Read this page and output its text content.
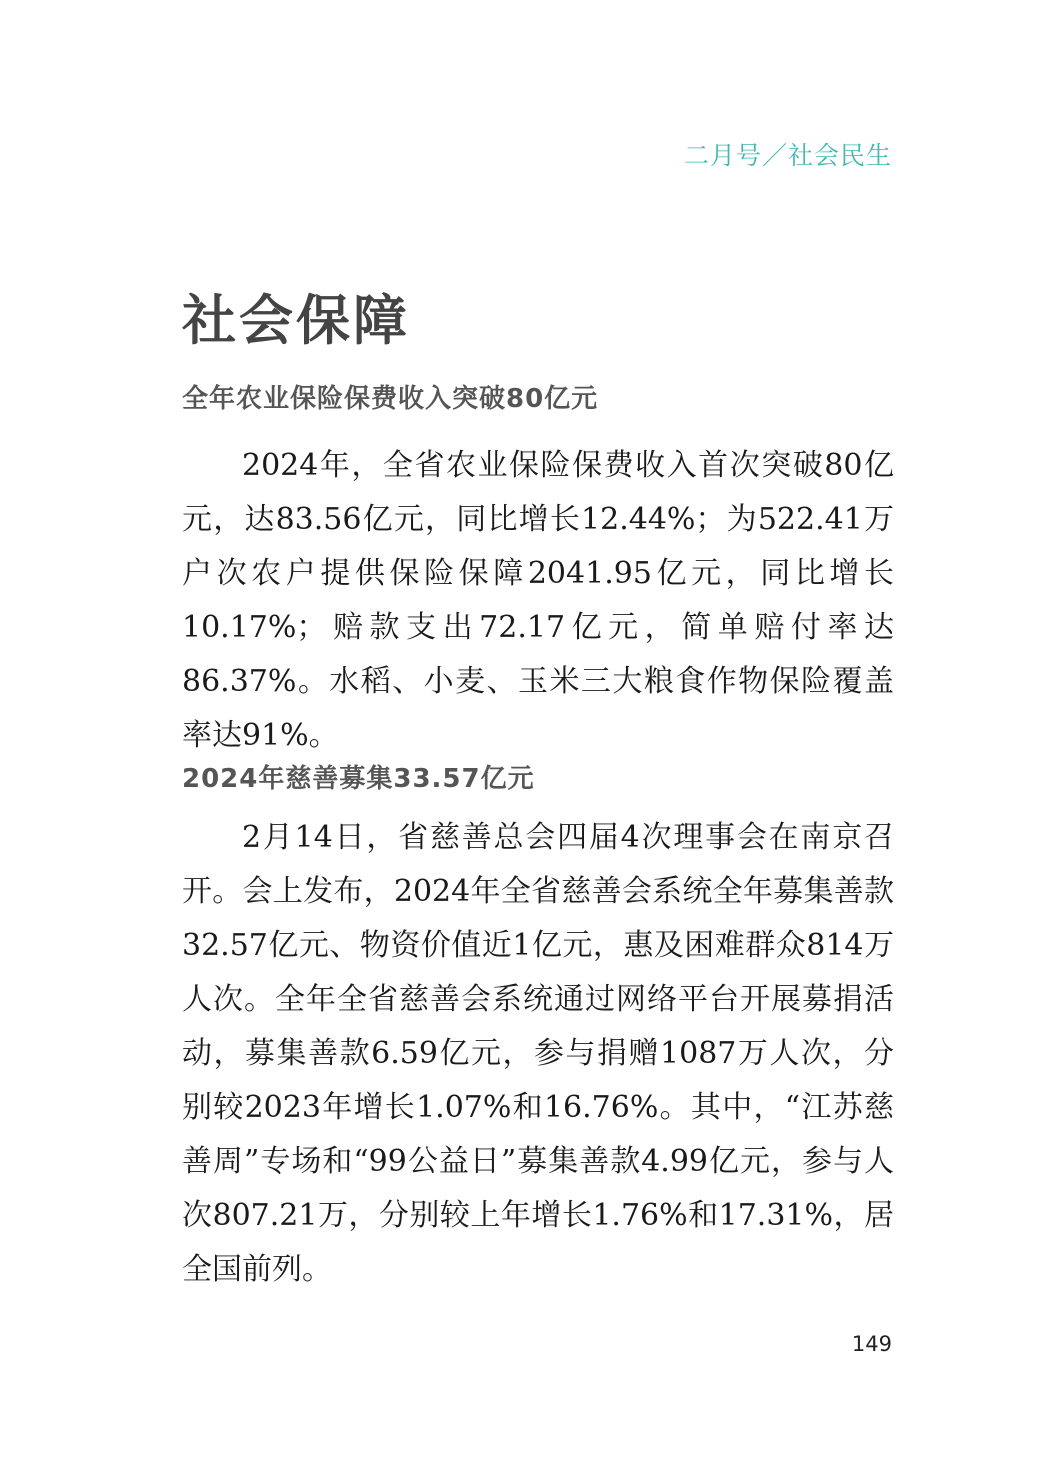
二月号／社会民生
社会保障
全年农业保险保费收入突破80亿元

2024年，全省农业保险保费收入首次突破80亿元，达83.56亿元，同比增长12.44%；为522.41万户次农户提供保险保障2041.95亿元，同比增长10.17%；赔款支出72.17亿元，简单赔付率达86.37%。水稻、小麦、玉米三大粮食作物保险覆盖率达91%。

2024年慈善募集33.57亿元

2月14日，省慈善总会四届4次理事会在南京召开。会上发布，2024年全省慈善会系统全年募集善款32.57亿元、物资价值近1亿元，惠及困难群众814万人次。全年全省慈善会系统通过网络平台开展募捐活动，募集善款6.59亿元，参与捐赠1087万人次，分别较2023年增长1.07%和16.76%。其中，“江苏慈善周”专场和“99公益日”募集善款4.99亿元，参与人次807.21万，分别较上年增长1.76%和17.31%，居全国前列。

149
